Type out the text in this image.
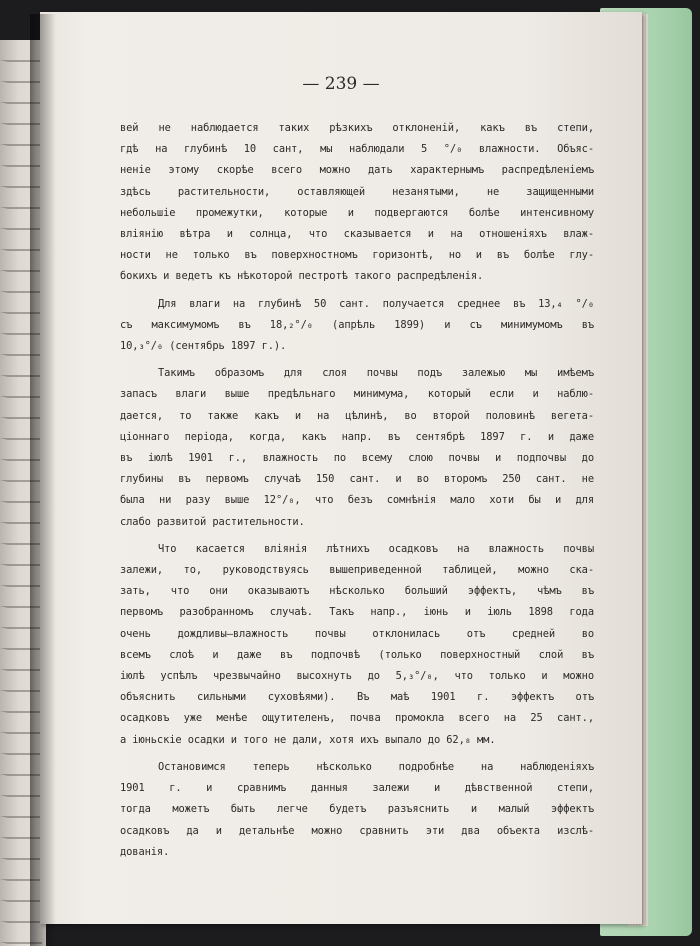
— 239 —
вей не наблюдается таких рѣзкихъ отклоненій, какъ въ степи,
гдѣ на глубинѣ 10 сант, мы наблюдали 5 °/₀ влажности. Объяс-
неніе этому скорѣе всего можно дать характернымъ распредѣленіемъ
здѣсь растительности, оставляющей незанятыми, не защищенными
небольшіе промежутки, которые и подвергаются болѣе интенсивному
вліянію вѣтра и солнца, что сказывается и на отношеніяхъ влаж-
ности не только въ поверхностномъ горизонтѣ, но и въ болѣе глу-
бокихъ и ведетъ къ нѣкоторой пестротѣ такого распредѣленія.
Для влаги на глубинѣ 50 сант. получается среднее въ 13,₄ °/₀
съ максимумомъ въ 18,₂°/₀ (апрѣль 1899) и съ минимумомъ въ
10,₃°/₀ (сентябрь 1897 г.).
Такимъ образомъ для слоя почвы подъ залежью мы имѣемъ
запасъ влаги выше предѣльнаго минимума, который если и наблю-
дается, то также какъ и на цѣлинѣ, во второй половинѣ вегета-
ціоннаго періода, когда, какъ напр. въ сентябрѣ 1897 г. и даже
въ іюлѣ 1901 г., влажность по всему слою почвы и подпочвы до
глубины въ первомъ случаѣ 150 сант. и во второмъ 250 сант. не
была ни разу выше 12°/₀, что безъ сомнѣнія мало хоти бы и для
слабо развитой растительности.
Что касается вліянія лѣтнихъ осадковъ на влажность почвы
залежи, то, руководствуясь вышеприведенной таблицей, можно ска-
зать, что они оказываютъ нѣсколько больший эффектъ, чѣмъ въ
первомъ разобранномъ случаѣ. Такъ напр., іюнь и іюль 1898 года
очень дождливы—влажность почвы отклонилась отъ средней во
всемъ слоѣ и даже въ подпочвѣ (только поверхностный слой въ
іюлѣ успѣлъ чрезвычайно высохнуть до 5,₃°/₀, что только и можно
объяснить сильными суховѣями). Въ маѣ 1901 г. эффектъ отъ
осадковъ уже менѣе ощутителенъ, почва промокла всего на 25 сант.,
а іюньскіе осадки и того не дали, хотя ихъ выпало до 62,₈ мм.
Остановимся теперь нѣсколько подробнѣе на наблюденіяхъ
1901 г. и сравнимъ данныя залежи и дѣвственной степи,
тогда можетъ быть легче будетъ разъяснить и малый эффектъ
осадковъ да и детальнѣе можно сравнить эти два объекта изслѣ-
дованія.
